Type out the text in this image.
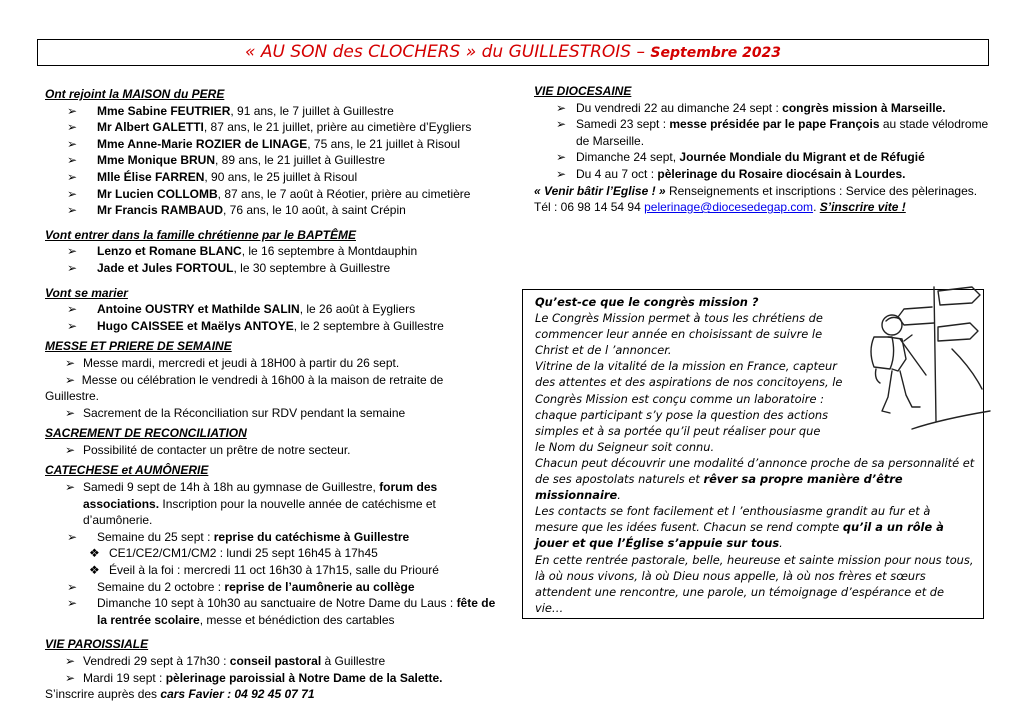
« AU SON des CLOCHERS » du GUILLESTROIS – Septembre 2023
Ont rejoint la MAISON du PERE
➢ Mme Sabine FEUTRIER, 91 ans, le 7 juillet à Guillestre
➢ Mr Albert GALETTI, 87 ans, le 21 juillet, prière au cimetière d’Eygliers
➢ Mme Anne-Marie ROZIER de LINAGE, 75 ans, le 21 juillet à Risoul
➢ Mme Monique BRUN, 89 ans, le 21 juillet à Guillestre
➢ Mlle Élise FARREN, 90 ans, le 25 juillet à Risoul
➢ Mr Lucien COLLOMB, 87 ans, le 7 août à Réotier, prière au cimetière
➢ Mr Francis RAMBAUD, 76 ans, le 10 août, à saint Crépin
Vont entrer dans la famille chrétienne par le BAPTÊME
➢ Lenzo et Romane BLANC, le 16 septembre à Montdauphin
➢ Jade et Jules FORTOUL, le 30 septembre à Guillestre
Vont se marier
➢ Antoine OUSTRY et Mathilde SALIN, le 26 août à Eygliers
➢ Hugo CAISSEE et Maëlys ANTOYE, le 2 septembre à Guillestre
MESSE ET PRIERE DE SEMAINE
➢ Messe mardi, mercredi et jeudi à 18H00 à partir du 26 sept.
➢  Messe ou célébration le vendredi à 16h00 à la maison de retraite de Guillestre.
➢ Sacrement de la Réconciliation sur RDV pendant la semaine
SACREMENT DE RECONCILIATION
➢ Possibilité de contacter un prêtre de notre secteur.
CATECHESE et AUMÔNERIE
➢ Samedi 9 sept de 14h à 18h au gymnase de Guillestre, forum des associations. Inscription pour la nouvelle année de catéchisme et d’aumônerie.
➢ Semaine du 25 sept : reprise du catéchisme à Guillestre
❖ CE1/CE2/CM1/CM2 : lundi 25 sept 16h45 à 17h45
❖ Éveil à la foi : mercredi 11 oct 16h30 à 17h15, salle du Priouré
➢ Semaine du 2 octobre : reprise de l’aumônerie au collège
➢ Dimanche 10 sept à 10h30 au sanctuaire de Notre Dame du Laus : fête de la rentrée scolaire, messe et bénédiction des cartables
VIE PAROISSIALE
➢ Vendredi 29 sept à 17h30 : conseil pastoral à Guillestre
➢ Mardi 19 sept : pèlerinage paroissial à Notre Dame de la Salette.
S’inscrire auprès des cars Favier : 04 92 45 07 71
VIE DIOCESAINE
➢ Du vendredi 22 au dimanche 24 sept : congrès mission à Marseille.
➢ Samedi 23 sept : messe présidée par le pape François au stade vélodrome de Marseille.
➢ Dimanche 24 sept, Journée Mondiale du Migrant et de Réfugié
➢ Du 4 au 7 oct : pèlerinage du Rosaire diocésain à Lourdes.
« Venir bâtir l’Eglise ! » Renseignements et inscriptions : Service des pèlerinages.
Tél : 06 98 14 54 94 pelerinage@diocesedegap.com. S’inscrire vite !
Qu’est-ce que le congrès mission ?
Le Congrès Mission permet à tous les chrétiens de
commencer leur année en choisissant de suivre le
Christ et de l ’annoncer.
Vitrine de la vitalité de la mission en France, capteur
des attentes et des aspirations de nos concitoyens, le
Congrès Mission est conçu comme un laboratoire :
chaque participant s’y pose la question des actions
simples et à sa portée qu’il peut réaliser pour que
le Nom du Seigneur soit connu.
Chacun peut découvrir une modalité d’annonce proche de sa personnalité et de ses apostolats naturels et rêver sa propre manière d’être missionnaire.
Les contacts se font facilement et l ’enthousiasme grandit au fur et à mesure que les idées fusent. Chacun se rend compte qu’il a un rôle à jouer et que l’Église s’appuie sur tous.
En cette rentrée pastorale, belle, heureuse et sainte mission pour nous tous, là où nous vivons, là où Dieu nous appelle, là où nos frères et sœurs attendent une rencontre, une parole, un témoignage d’espérance et de vie…
